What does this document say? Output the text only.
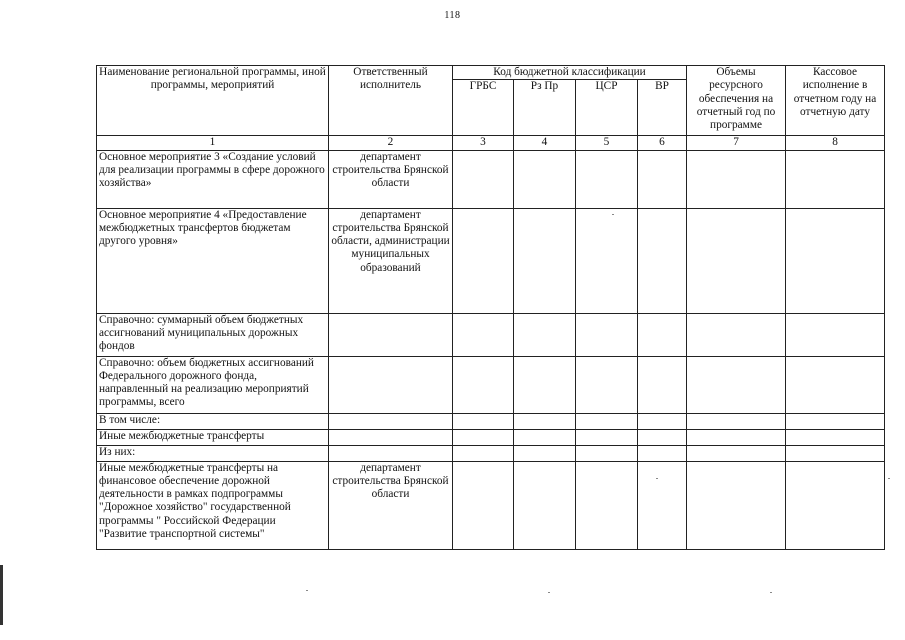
118
Наименование региональной программы, иной программы, мероприятий	Ответственный исполнитель	Код бюджетной классификации				Объемы ресурсного обеспечения на отчетный год по программе	Кассовое исполнение в отчетном году на отчетную дату
		ГРБС	Рз Пр	ЦСР	ВР		
1	2	3	4	5	6	7	8
Основное мероприятие 3 «Создание условий для реализации программы в сфере дорожного хозяйства»	департамент строительства Брянской области						
Основное мероприятие 4 «Предоставление межбюджетных трансфертов бюджетам другого уровня»	департамент строительства Брянской области, администрации муниципальных образований						
Справочно: суммарный объем бюджетных ассигнований муниципальных дорожных фондов							
Справочно: объем бюджетных ассигнований Федерального дорожного фонда, направленный на реализацию мероприятий программы, всего							
В том числе:							
Иные межбюджетные трансферты							
Из них:							
Иные межбюджетные трансферты на финансовое обеспечение дорожной деятельности в рамках подпрограммы "Дорожное хозяйство" государственной программы " Российской Федерации "Развитие транспортной системы"	департамент строительства Брянской области						
